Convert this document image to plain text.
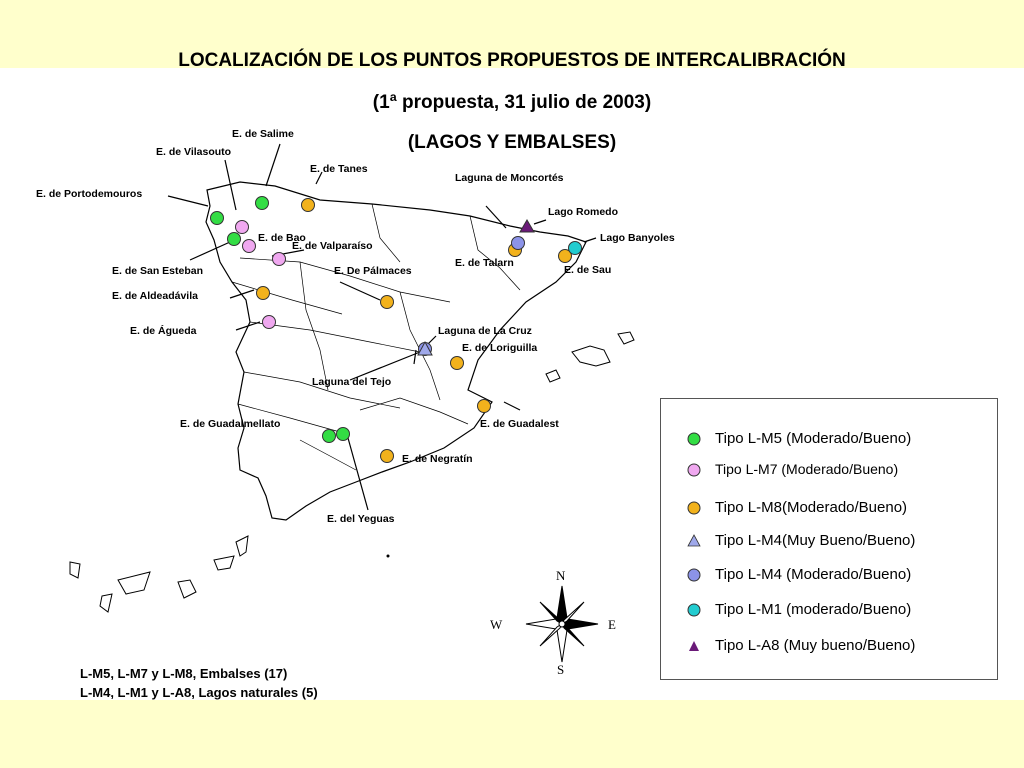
LOCALIZACIÓN DE LOS PUNTOS PROPUESTOS DE INTERCALIBRACIÓN
(1ª propuesta, 31 julio de 2003)
(LAGOS Y EMBALSES)
E. de Salime
E. de Vilasouto
E. de Tanes
E. de Portodemouros
Laguna de Moncortés
Lago Romedo
Lago Banyoles
E. de Bao
E. de Valparaíso
E. de San Esteban	E. De Pálmaces
E. de Talarn
E. de Sau
E. de Aldeadávila
E. de Águeda	Laguna de La Cruz
E. de Loriguilla
Laguna del Tejo
E. de Guadalmellato	E. de Guadalest
E. de Negratín
E. del Yeguas
Tipo L-M5 (Moderado/Bueno)
Tipo L-M7 (Moderado/Bueno)
Tipo L-M8(Moderado/Bueno)
Tipo L-M4(Muy Bueno/Bueno)
Tipo L-M4 (Moderado/Bueno)
Tipo L-M1 (moderado/Bueno)
Tipo L-A8 (Muy bueno/Bueno)
N
S
E
W
L-M5, L-M7 y L-M8, Embalses (17)
L-M4, L-M1 y L-A8, Lagos naturales (5)
